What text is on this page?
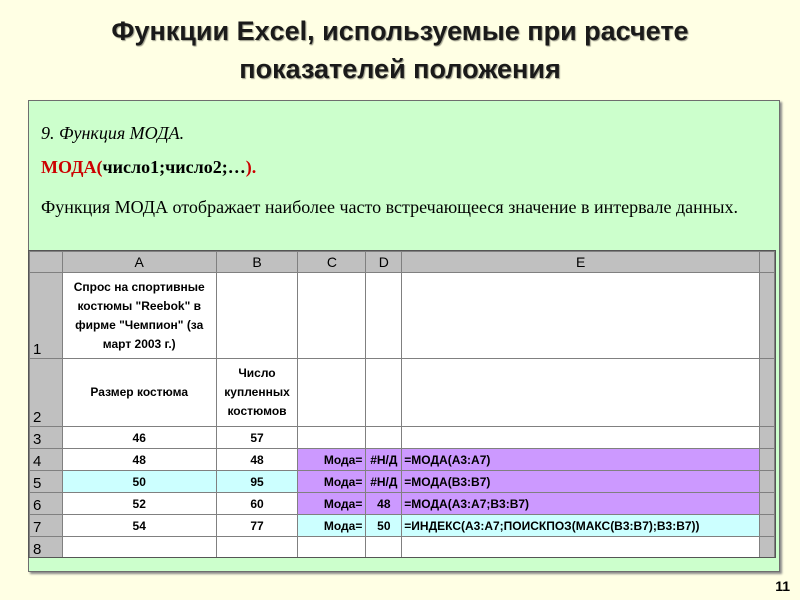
Функции Excel, используемые при расчете
показателей положения
9. Функция МОДА.
МОДА(число1;число2;…).
Функция МОДА отображает наиболее часто встречающееся значение в интервале данных.
	A	B	C	D	E	
1	Спрос на спортивные костюмы "Reebok" в фирме "Чемпион" (за март 2003 г.)					
2	Размер костюма	Число купленных костюмов				
3	46	57				
4	48	48	Мода=	#Н/Д	=МОДА(А3:А7)	
5	50	95	Мода=	#Н/Д	=МОДА(В3:В7)	
6	52	60	Мода=	48	=МОДА(А3:А7;В3:В7)	
7	54	77	Мода=	50	=ИНДЕКС(А3:А7;ПОИСКПОЗ(МАКС(В3:В7);В3:В7))	
8						
11
